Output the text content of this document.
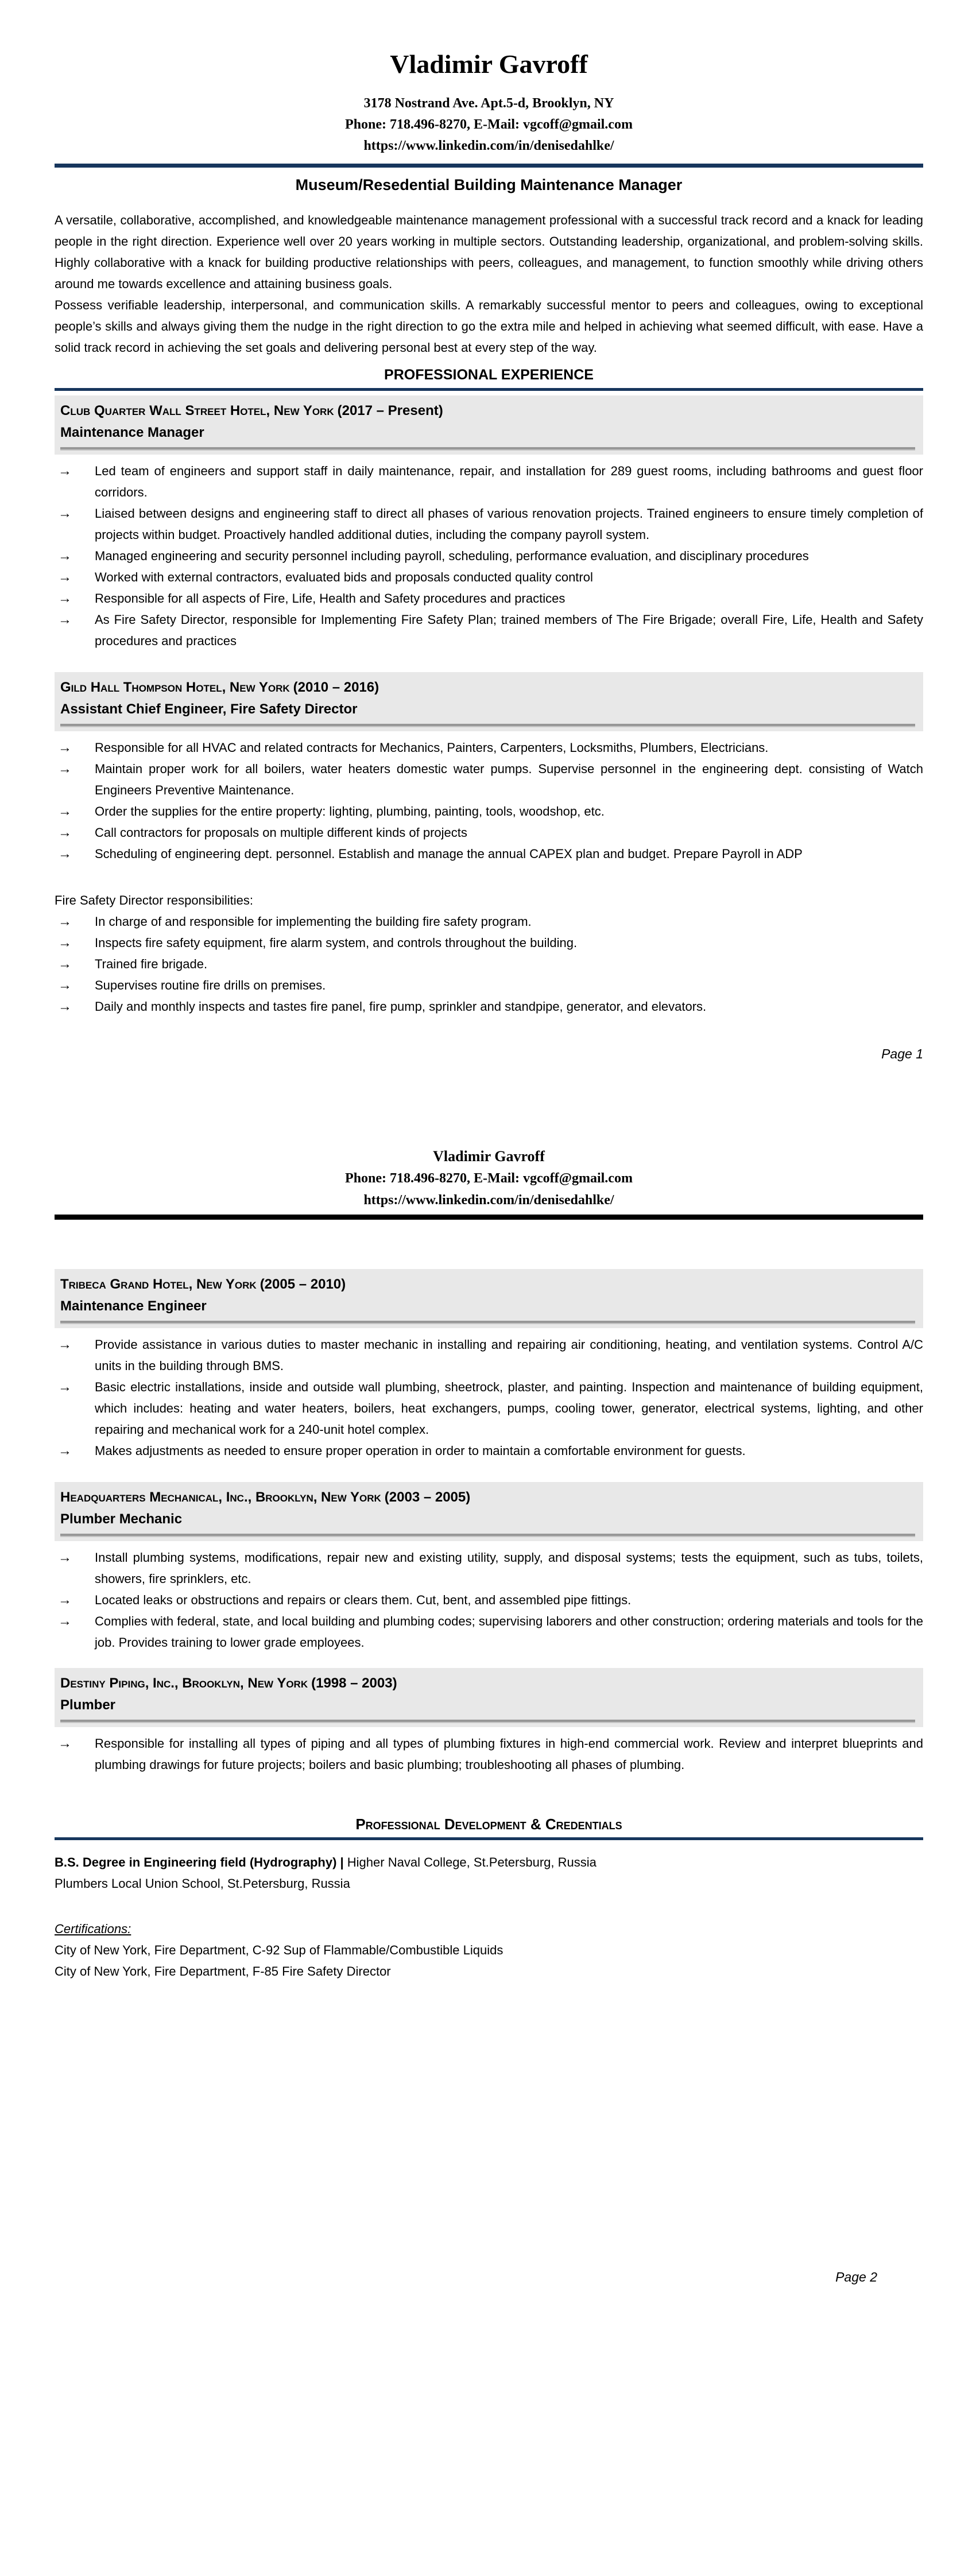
Vladimir Gavroff
3178 Nostrand Ave. Apt.5-d, Brooklyn, NY
Phone: 718.496-8270, E-Mail: vgcoff@gmail.com
https://www.linkedin.com/in/denisedahlke/
Museum/Resedential Building Maintenance Manager

A versatile, collaborative, accomplished, and knowledgeable maintenance management professional with a successful track record and a knack for leading people in the right direction. Experience well over 20 years working in multiple sectors. Outstanding leadership, organizational, and problem-solving skills. Highly collaborative with a knack for building productive relationships with peers, colleagues, and management, to function smoothly while driving others around me towards excellence and attaining business goals.

Possess verifiable leadership, interpersonal, and communication skills. A remarkably successful mentor to peers and colleagues, owing to exceptional people’s skills and always giving them the nudge in the right direction to go the extra mile and helped in achieving what seemed difficult, with ease. Have a solid track record in achieving the set goals and delivering personal best at every step of the way.

PROFESSIONAL EXPERIENCE
Club Quarter Wall Street Hotel, New York (2017 – Present)
Maintenance Manager
→	Led team of engineers and support staff in daily maintenance, repair, and installation for 289 guest rooms, including bathrooms and guest floor corridors.
→	Liaised between designs and engineering staff to direct all phases of various renovation projects. Trained engineers to ensure timely completion of projects within budget. Proactively handled additional duties, including the company payroll system.
→	Managed engineering and security personnel including payroll, scheduling, performance evaluation, and disciplinary procedures
→	Worked with external contractors, evaluated bids and proposals conducted quality control
→	Responsible for all aspects of Fire, Life, Health and Safety procedures and practices
→	As Fire Safety Director, responsible for Implementing Fire Safety Plan; trained members of The Fire Brigade; overall Fire, Life, Health and Safety procedures and practices
Gild Hall Thompson Hotel, New York (2010 – 2016)
Assistant Chief Engineer, Fire Safety Director
→	Responsible for all HVAC and related contracts for Mechanics, Painters, Carpenters, Locksmiths, Plumbers, Electricians.
→	Maintain proper work for all boilers, water heaters domestic water pumps. Supervise personnel in the engineering dept. consisting of Watch Engineers Preventive Maintenance.
→	Order the supplies for the entire property: lighting, plumbing, painting, tools, woodshop, etc.
→	Call contractors for proposals on multiple different kinds of projects
→	Scheduling of engineering dept. personnel. Establish and manage the annual CAPEX plan and budget. Prepare Payroll in ADP
Fire Safety Director responsibilities:
→	In charge of and responsible for implementing the building fire safety program.
→	Inspects fire safety equipment, fire alarm system, and controls throughout the building.
→	Trained fire brigade.
→	Supervises routine fire drills on premises.
→	Daily and monthly inspects and tastes fire panel, fire pump, sprinkler and standpipe, generator, and elevators.
Page 1
Vladimir Gavroff
Phone: 718.496-8270, E-Mail: vgcoff@gmail.com
https://www.linkedin.com/in/denisedahlke/
Tribeca Grand Hotel, New York (2005 – 2010)
Maintenance Engineer
→	Provide assistance in various duties to master mechanic in installing and repairing air conditioning, heating, and ventilation systems. Control A/C units in the building through BMS.
→	Basic electric installations, inside and outside wall plumbing, sheetrock, plaster, and painting. Inspection and maintenance of building equipment, which includes: heating and water heaters, boilers, heat exchangers, pumps, cooling tower, generator, electrical systems, lighting, and other repairing and mechanical work for a 240-unit hotel complex.
→	Makes adjustments as needed to ensure proper operation in order to maintain a comfortable environment for guests.
Headquarters Mechanical, Inc., Brooklyn, New York (2003 – 2005)
Plumber Mechanic
→	Install plumbing systems, modifications, repair new and existing utility, supply, and disposal systems; tests the equipment, such as tubs, toilets, showers, fire sprinklers, etc.
→	Located leaks or obstructions and repairs or clears them. Cut, bent, and assembled pipe fittings.
→	Complies with federal, state, and local building and plumbing codes; supervising laborers and other construction; ordering materials and tools for the job. Provides training to lower grade employees.
Destiny Piping, Inc., Brooklyn, New York (1998 – 2003)
Plumber
→	Responsible for installing all types of piping and all types of plumbing fixtures in high-end commercial work. Review and interpret blueprints and plumbing drawings for future projects; boilers and basic plumbing; troubleshooting all phases of plumbing.
Professional Development & Credentials

B.S. Degree in Engineering field (Hydrography) | Higher Naval College, St.Petersburg, Russia

Plumbers Local Union School, St.Petersburg, Russia

Certifications:

City of New York, Fire Department, C-92 Sup of Flammable/Combustible Liquids

City of New York, Fire Department, F-85 Fire Safety Director

Page 2
